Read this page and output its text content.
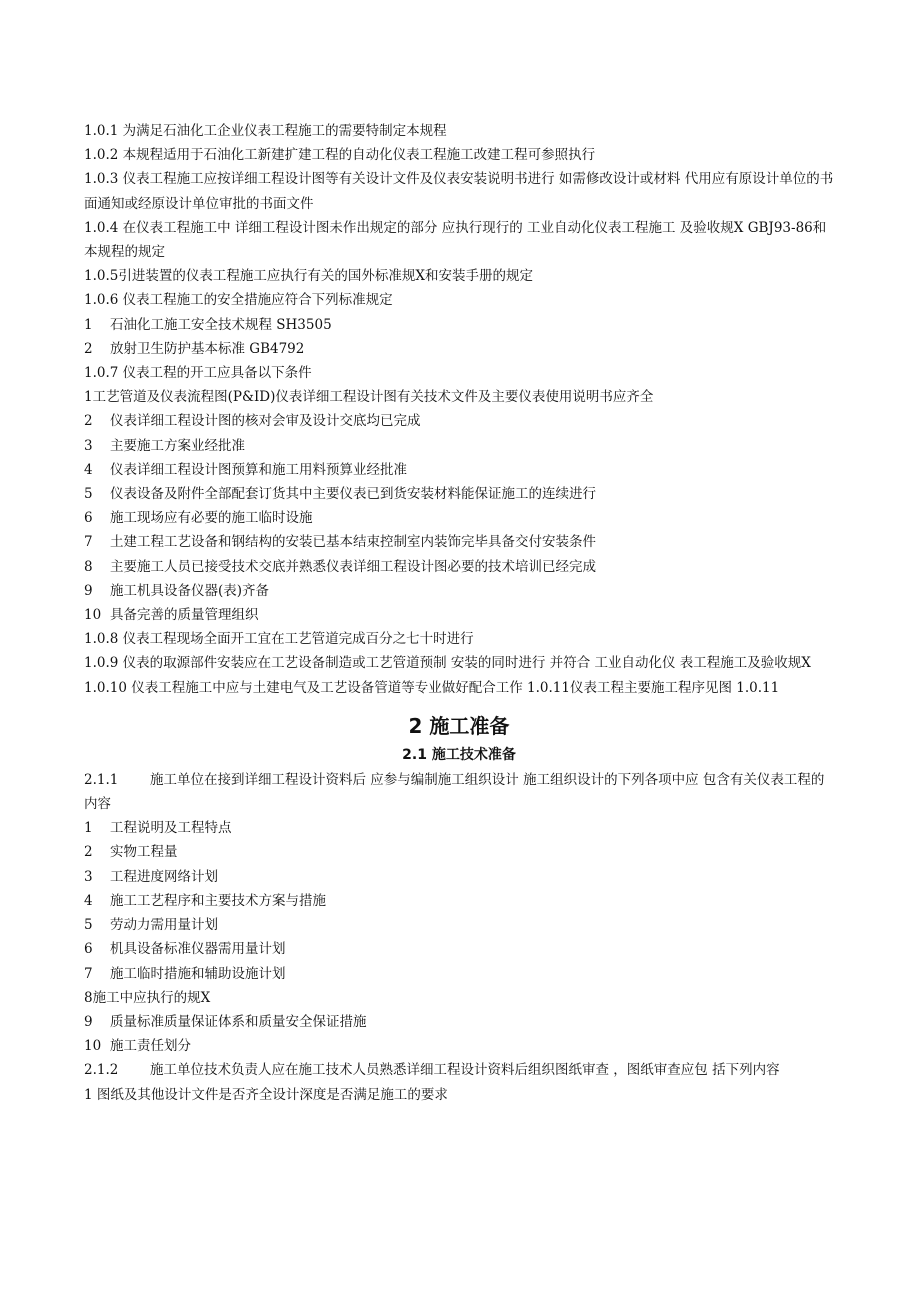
1.0.1 为满足石油化工企业仪表工程施工的需要特制定本规程
1.0.2 本规程适用于石油化工新建扩建工程的自动化仪表工程施工改建工程可参照执行
1.0.3 仪表工程施工应按详细工程设计图等有关设计文件及仪表安装说明书进行 如需修改设计或材料 代用应有原设计单位的书面通知或经原设计单位审批的书面文件
1.0.4 在仪表工程施工中 详细工程设计图未作出规定的部分 应执行现行的 工业自动化仪表工程施工 及验收规X GBJ93-86和本规程的规定
1.0.5引进装置的仪表工程施工应执行有关的国外标准规X和安装手册的规定
1.0.6 仪表工程施工的安全措施应符合下列标准规定
1 石油化工施工安全技术规程 SH3505
2 放射卫生防护基本标准 GB4792
1.0.7 仪表工程的开工应具备以下条件
1工艺管道及仪表流程图(P&ID)仪表详细工程设计图有关技术文件及主要仪表使用说明书应齐全
2 仪表详细工程设计图的核对会审及设计交底均已完成
3 主要施工方案业经批准
4 仪表详细工程设计图预算和施工用料预算业经批准
5 仪表设备及附件全部配套订货其中主要仪表已到货安装材料能保证施工的连续进行
6 施工现场应有必要的施工临时设施
7 土建工程工艺设备和钢结构的安装已基本结束控制室内装饰完毕具备交付安装条件
8 主要施工人员已接受技术交底并熟悉仪表详细工程设计图必要的技术培训已经完成
9 施工机具设备仪器(表)齐备
10 具备完善的质量管理组织
1.0.8 仪表工程现场全面开工宜在工艺管道完成百分之七十时进行
1.0.9 仪表的取源部件安装应在工艺设备制造或工艺管道预制 安装的同时进行 并符合 工业自动化仪 表工程施工及验收规X
1.0.10 仪表工程施工中应与土建电气及工艺设备管道等专业做好配合工作 1.0.11仪表工程主要施工程序见图 1.0.11
2 施工准备
2.1 施工技术准备
2.1.1 施工单位在接到详细工程设计资料后 应参与编制施工组织设计 施工组织设计的下列各项中应 包含有关仪表工程的内容
1 工程说明及工程特点
2 实物工程量
3 工程进度网络计划
4 施工工艺程序和主要技术方案与措施
5 劳动力需用量计划
6 机具设备标准仪器需用量计划
7 施工临时措施和辅助设施计划
8施工中应执行的规X
9 质量标准质量保证体系和质量安全保证措施
10 施工责任划分
2.1.2 施工单位技术负责人应在施工技术人员熟悉详细工程设计资料后组织图纸审查 ，图纸审查应包 括下列内容
1 图纸及其他设计文件是否齐全设计深度是否满足施工的要求
